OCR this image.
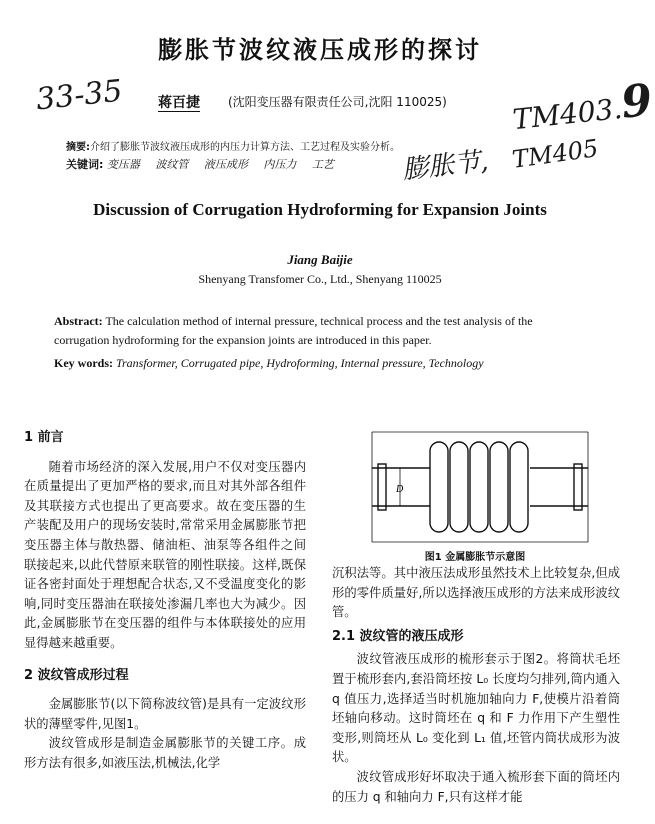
膨胀节波纹液压成形的探讨
33-35	TM403.9
TM405
膨胀节,
蒋百捷 (沈阳变压器有限责任公司,沈阳 110025)
摘要:介绍了膨胀节波纹液压成形的内压力计算方法、工艺过程及实验分析。
关键词: 变压器 波纹管 液压成形 内压力 工艺
Discussion of Corrugation Hydroforming for Expansion Joints
Jiang Baijie
Shenyang Transfomer Co., Ltd., Shenyang 110025
Abstract: The calculation method of internal pressure, technical process and the test analysis of the corrugation hydroforming for the expansion joints are introduced in this paper.
Key words: Transformer, Corrugated pipe, Hydroforming, Internal pressure, Technology

1 前言

随着市场经济的深入发展,用户不仅对变压器内在质量提出了更加严格的要求,而且对其外部各组件及其联接方式也提出了更高要求。故在变压器的生产装配及用户的现场安装时,常常采用金属膨胀节把变压器主体与散热器、储油柜、油泵等各组件之间联接起来,以此代替原来联管的刚性联接。这样,既保证各密封面处于理想配合状态,又不受温度变化的影响,同时变压器油在联接处渗漏几率也大为减少。因此,金属膨胀节在变压器的组件与本体联接处的应用显得越来越重要。

2 波纹管成形过程

金属膨胀节(以下简称波纹管)是具有一定波纹形状的薄壁零件,见图1。

波纹管成形是制造金属膨胀节的关键工序。成形方法有很多,如液压法,机械法,化学

D
图1 金属膨胀节示意图

沉积法等。其中液压法成形虽然技术上比较复杂,但成形的零件质量好,所以选择液压成形的方法来成形波纹管。

2.1 波纹管的液压成形

波纹管液压成形的梳形套示于图2。将筒状毛坯置于梳形套内,套沿筒坯按 L₀ 长度均匀排列,筒内通入 q 值压力,选择适当时机施加轴向力 F,使模片沿着筒坯轴向移动。这时筒坯在 q 和 F 力作用下产生塑性变形,则筒坯从 L₀ 变化到 L₁ 值,坯管内筒状成形为波状。

波纹管成形好坏取决于通入梳形套下面的筒坯内的压力 q 和轴向力 F,只有这样才能
